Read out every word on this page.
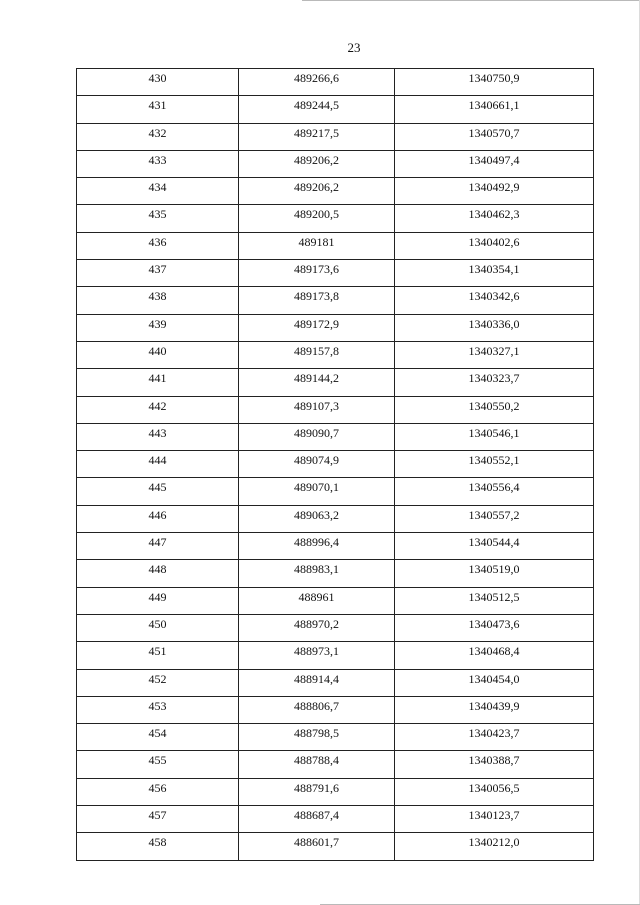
23
430	489266,6	1340750,9
431	489244,5	1340661,1
432	489217,5	1340570,7
433	489206,2	1340497,4
434	489206,2	1340492,9
435	489200,5	1340462,3
436	489181	1340402,6
437	489173,6	1340354,1
438	489173,8	1340342,6
439	489172,9	1340336,0
440	489157,8	1340327,1
441	489144,2	1340323,7
442	489107,3	1340550,2
443	489090,7	1340546,1
444	489074,9	1340552,1
445	489070,1	1340556,4
446	489063,2	1340557,2
447	488996,4	1340544,4
448	488983,1	1340519,0
449	488961	1340512,5
450	488970,2	1340473,6
451	488973,1	1340468,4
452	488914,4	1340454,0
453	488806,7	1340439,9
454	488798,5	1340423,7
455	488788,4	1340388,7
456	488791,6	1340056,5
457	488687,4	1340123,7
458	488601,7	1340212,0
